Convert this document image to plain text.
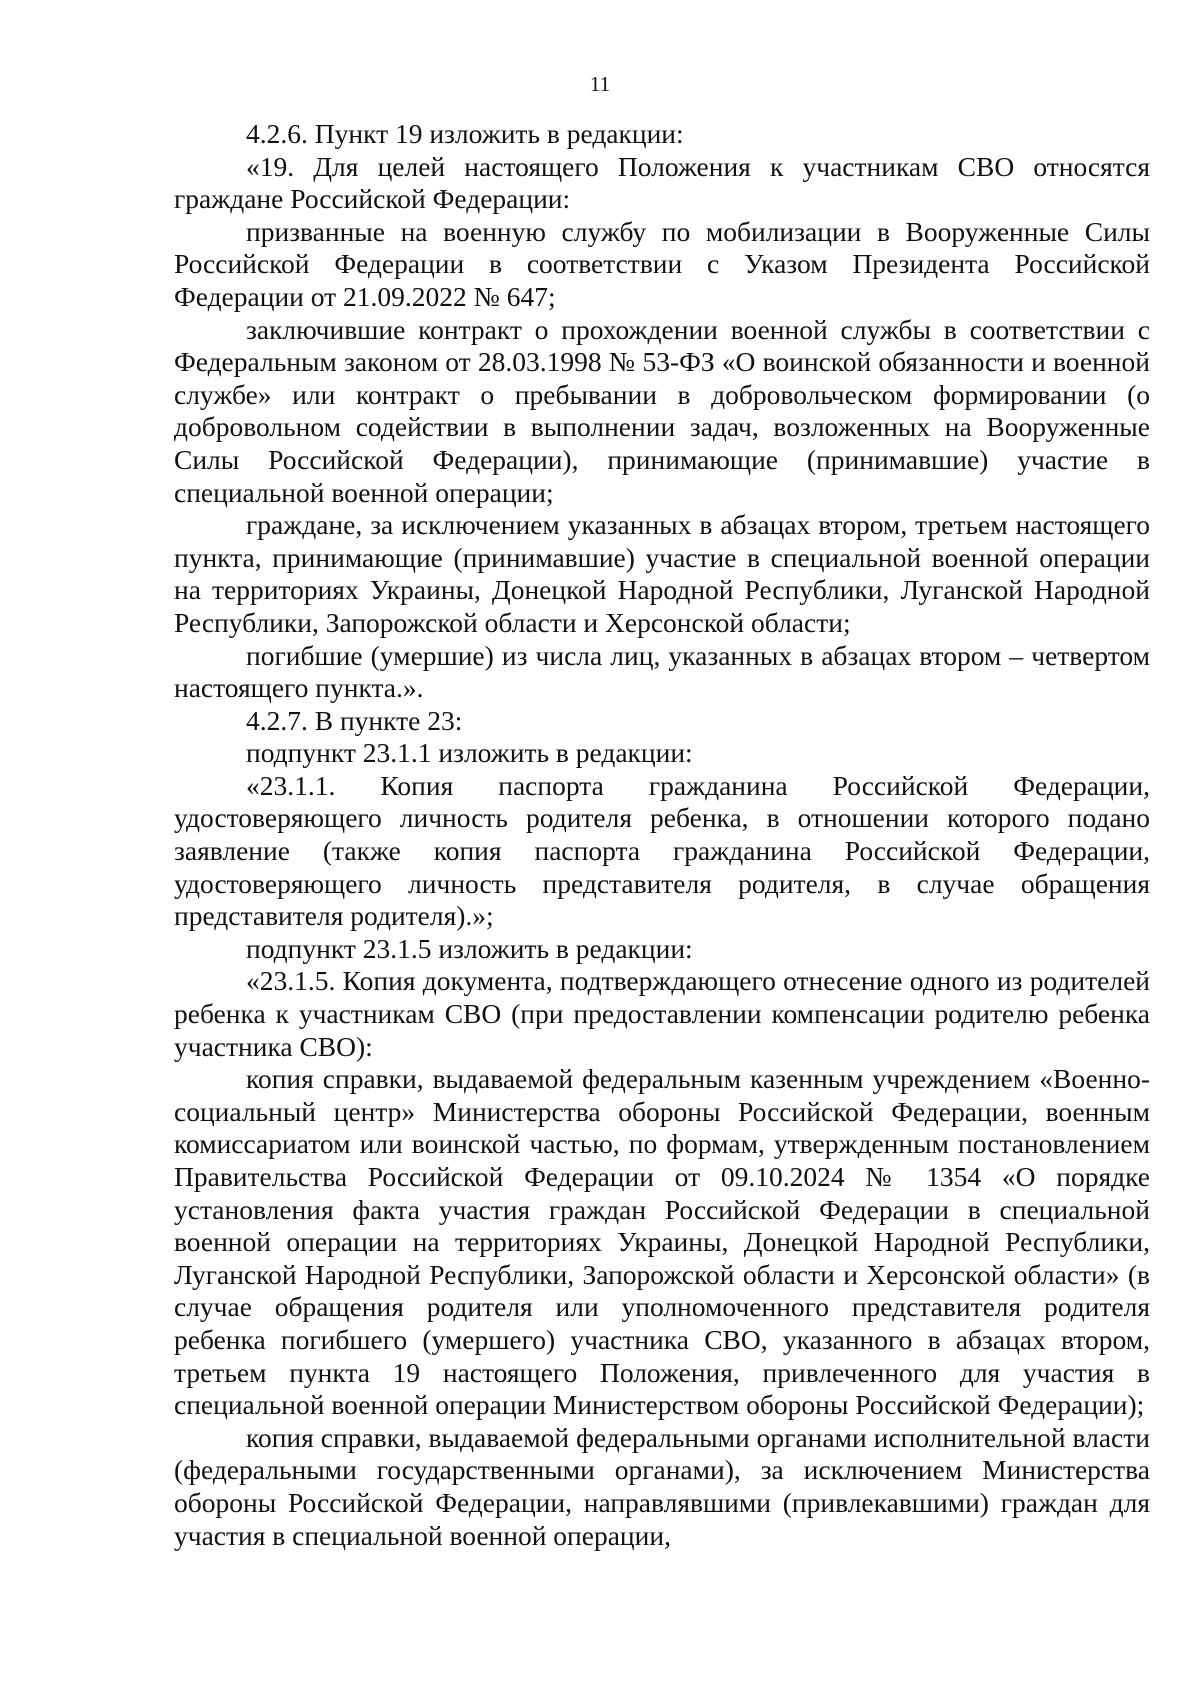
11

4.2.6. Пункт 19 изложить в редакции:

«19. Для целей настоящего Положения к участникам СВО относятся граждане Российской Федерации:

призванные на военную службу по мобилизации в Вооруженные Силы Российской Федерации в соответствии с Указом Президента Российской Федерации от 21.09.2022 № 647;

заключившие контракт о прохождении военной службы в соответствии с Федеральным законом от 28.03.1998 № 53-ФЗ «О воинской обязанности и военной службе» или контракт о пребывании в добровольческом формировании (о добровольном содействии в выполнении задач, возложенных на Вооруженные Силы Российской Федерации), принимающие (принимавшие) участие в специальной военной операции;

граждане, за исключением указанных в абзацах втором, третьем настоящего пункта, принимающие (принимавшие) участие в специальной военной операции на территориях Украины, Донецкой Народной Республики, Луганской Народной Республики, Запорожской области и Херсонской области;

погибшие (умершие) из числа лиц, указанных в абзацах втором – четвертом настоящего пункта.».

4.2.7. В пункте 23:

подпункт 23.1.1 изложить в редакции:

«23.1.1. Копия паспорта гражданина Российской Федерации, удостоверяющего личность родителя ребенка, в отношении которого подано заявление (также копия паспорта гражданина Российской Федерации, удостоверяющего личность представителя родителя, в случае обращения представителя родителя).»;

подпункт 23.1.5 изложить в редакции:

«23.1.5. Копия документа, подтверждающего отнесение одного из родителей ребенка к участникам СВО (при предоставлении компенсации родителю ребенка участника СВО):

копия справки, выдаваемой федеральным казенным учреждением «Военно-социальный центр» Министерства обороны Российской Федерации, военным комиссариатом или воинской частью, по формам, утвержденным постановлением Правительства Российской Федерации от 09.10.2024 № 1354 «О порядке установления факта участия граждан Российской Федерации в специальной военной операции на территориях Украины, Донецкой Народной Республики, Луганской Народной Республики, Запорожской области и Херсонской области» (в случае обращения родителя или уполномоченного представителя родителя ребенка погибшего (умершего) участника СВО, указанного в абзацах втором, третьем пункта 19 настоящего Положения, привлеченного для участия в специальной военной операции Министерством обороны Российской Федерации);

копия справки, выдаваемой федеральными органами исполнительной власти (федеральными государственными органами), за исключением Министерства обороны Российской Федерации, направлявшими (привлекавшими) граждан для участия в специальной военной операции,
